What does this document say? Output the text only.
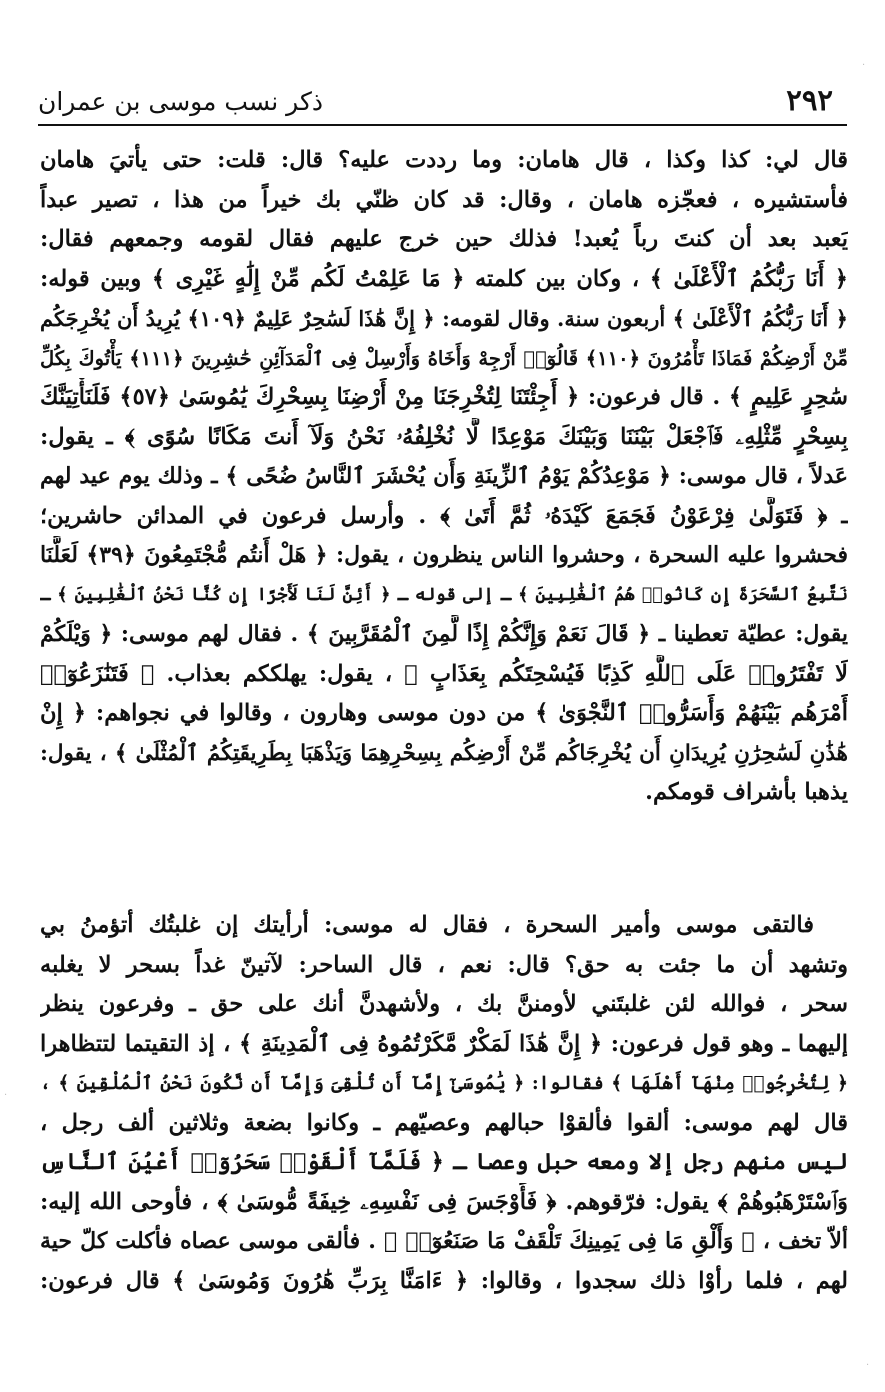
ذكر نسب موسى بن عمران	٢٩٢
قال لي: كذا وكذا ، قال هامان: وما رددت عليه؟ قال: قلت: حتى يأتيَ هامان
فأستشيره ، فعجّزه هامان ، وقال: قد كان ظنّي بك خيراً من هذا ، تصير عبداً
يَعبد بعد أن كنتَ رباً يُعبد! فذلك حين خرج عليهم فقال لقومه وجمعهم فقال:
﴿ أَنَا رَبُّكُمُ ٱلْأَعْلَىٰ ﴾ ، وكان بين كلمته ﴿ مَا عَلِمْتُ لَكُم مِّنْ إِلَٰهٍ غَيْرِى ﴾ وبين قوله:
﴿ أَنَا رَبُّكُمُ ٱلْأَعْلَىٰ ﴾ أربعون سنة. وقال لقومه: ﴿ إِنَّ هَٰذَا لَسَٰحِرٌ عَلِيمٌ ﴿١٠٩﴾ يُرِيدُ أَن يُخْرِجَكُم
مِّنْ أَرْضِكُمْ فَمَاذَا تَأْمُرُونَ ﴿١١٠﴾ قَالُوٓا۟ أَرْجِهْ وَأَخَاهُ وَأَرْسِلْ فِى ٱلْمَدَآئِنِ حَٰشِرِينَ ﴿١١١﴾ يَأْتُوكَ بِكُلِّ
سَٰحِرٍ عَلِيمٍ ﴾ . قال فرعون: ﴿ أَجِئْتَنَا لِتُخْرِجَنَا مِنْ أَرْضِنَا بِسِحْرِكَ يَٰمُوسَىٰ ﴿٥٧﴾ فَلَنَأْتِيَنَّكَ
بِسِحْرٍ مِّثْلِهِۦ فَٱجْعَلْ بَيْنَنَا وَبَيْنَكَ مَوْعِدًا لَّا نُخْلِفُهُۥ نَحْنُ وَلَآ أَنتَ مَكَانًا سُوًى ﴾ ـ يقول:
عَدلاً ، قال موسى: ﴿ مَوْعِدُكُمْ يَوْمُ ٱلزِّينَةِ وَأَن يُحْشَرَ ٱلنَّاسُ ضُحًى ﴾ ـ وذلك يوم عيد لهم
ـ ﴿ فَتَوَلَّىٰ فِرْعَوْنُ فَجَمَعَ كَيْدَهُۥ ثُمَّ أَتَىٰ ﴾ . وأرسل فرعون في المدائن حاشرين؛
فحشروا عليه السحرة ، وحشروا الناس ينظرون ، يقول: ﴿ هَلْ أَنتُم مُّجْتَمِعُونَ ﴿٣٩﴾ لَعَلَّنَا
نَتَّبِعُ ٱلسَّحَرَةَ إِن كَانُوا۟ هُمُ ٱلْغَٰلِبِينَ ﴾ ـ إلى قوله ـ ﴿ أَئِنَّ لَنَا لَأَجْرًا إِن كُنَّا نَحْنُ ٱلْغَٰلِبِينَ ﴾ ـ
يقول: عطيّة تعطينا ـ ﴿ قَالَ نَعَمْ وَإِنَّكُمْ إِذًا لَّمِنَ ٱلْمُقَرَّبِينَ ﴾ . فقال لهم موسى: ﴿ وَيْلَكُمْ
لَا تَفْتَرُوا۟ عَلَى ٱللَّهِ كَذِبًا فَيُسْحِتَكُم بِعَذَابٍ ﴾ ، يقول: يهلككم بعذاب. ﴿ فَتَنَٰزَعُوٓا۟
أَمْرَهُم بَيْنَهُمْ وَأَسَرُّوا۟ ٱلنَّجْوَىٰ ﴾ من دون موسى وهارون ، وقالوا في نجواهم: ﴿ إِنْ
هَٰذَٰنِ لَسَٰحِرَٰنِ يُرِيدَانِ أَن يُخْرِجَاكُم مِّنْ أَرْضِكُم بِسِحْرِهِمَا وَيَذْهَبَا بِطَرِيقَتِكُمُ ٱلْمُثْلَىٰ ﴾ ، يقول:
يذهبا بأشراف قومكم.
فالتقى موسى وأمير السحرة ، فقال له موسى: أرأيتك إن غلبتُك أتؤمنُ بي
وتشهد أن ما جئت به حق؟ قال: نعم ، قال الساحر: لآتينّ غداً بسحر لا يغلبه
سحر ، فوالله لئن غلبتَني لأومننَّ بك ، ولأشهدنَّ أنك على حق ـ وفرعون ينظر
إليهما ـ وهو قول فرعون: ﴿ إِنَّ هَٰذَا لَمَكْرٌ مَّكَرْتُمُوهُ فِى ٱلْمَدِينَةِ ﴾ ، إذ التقيتما لتتظاهرا
﴿ لِتُخْرِجُوا۟ مِنْهَآ أَهْلَهَا ﴾ فقالوا: ﴿ يَٰمُوسَىٰٓ إِمَّآ أَن تُلْقِىَ وَإِمَّآ أَن نَّكُونَ نَحْنُ ٱلْمُلْقِينَ ﴾ ،
قال لهم موسى: ألقوا فألقوْا حبالهم وعصيّهم ـ وكانوا بضعة وثلاثين ألف رجل ،
ليس منهم رجل إلا ومعه حبل وعصا ـ ﴿ فَلَمَّآ أَلْقَوْا۟ سَحَرُوٓا۟ أَعْيُنَ ٱلنَّاسِ
وَٱسْتَرْهَبُوهُمْ ﴾ يقول: فرّقوهم. ﴿ فَأَوْجَسَ فِى نَفْسِهِۦ خِيفَةً مُّوسَىٰ ﴾ ، فأوحى الله إليه:
ألاّ تخف ، ﴿ وَأَلْقِ مَا فِى يَمِينِكَ تَلْقَفْ مَا صَنَعُوٓا۟ ﴾ . فألقى موسى عصاه فأكلت كلّ حية
لهم ، فلما رأوْا ذلك سجدوا ، وقالوا: ﴿ ءَامَنَّا بِرَبِّ هَٰرُونَ وَمُوسَىٰ ﴾ قال فرعون:
·
·
·
